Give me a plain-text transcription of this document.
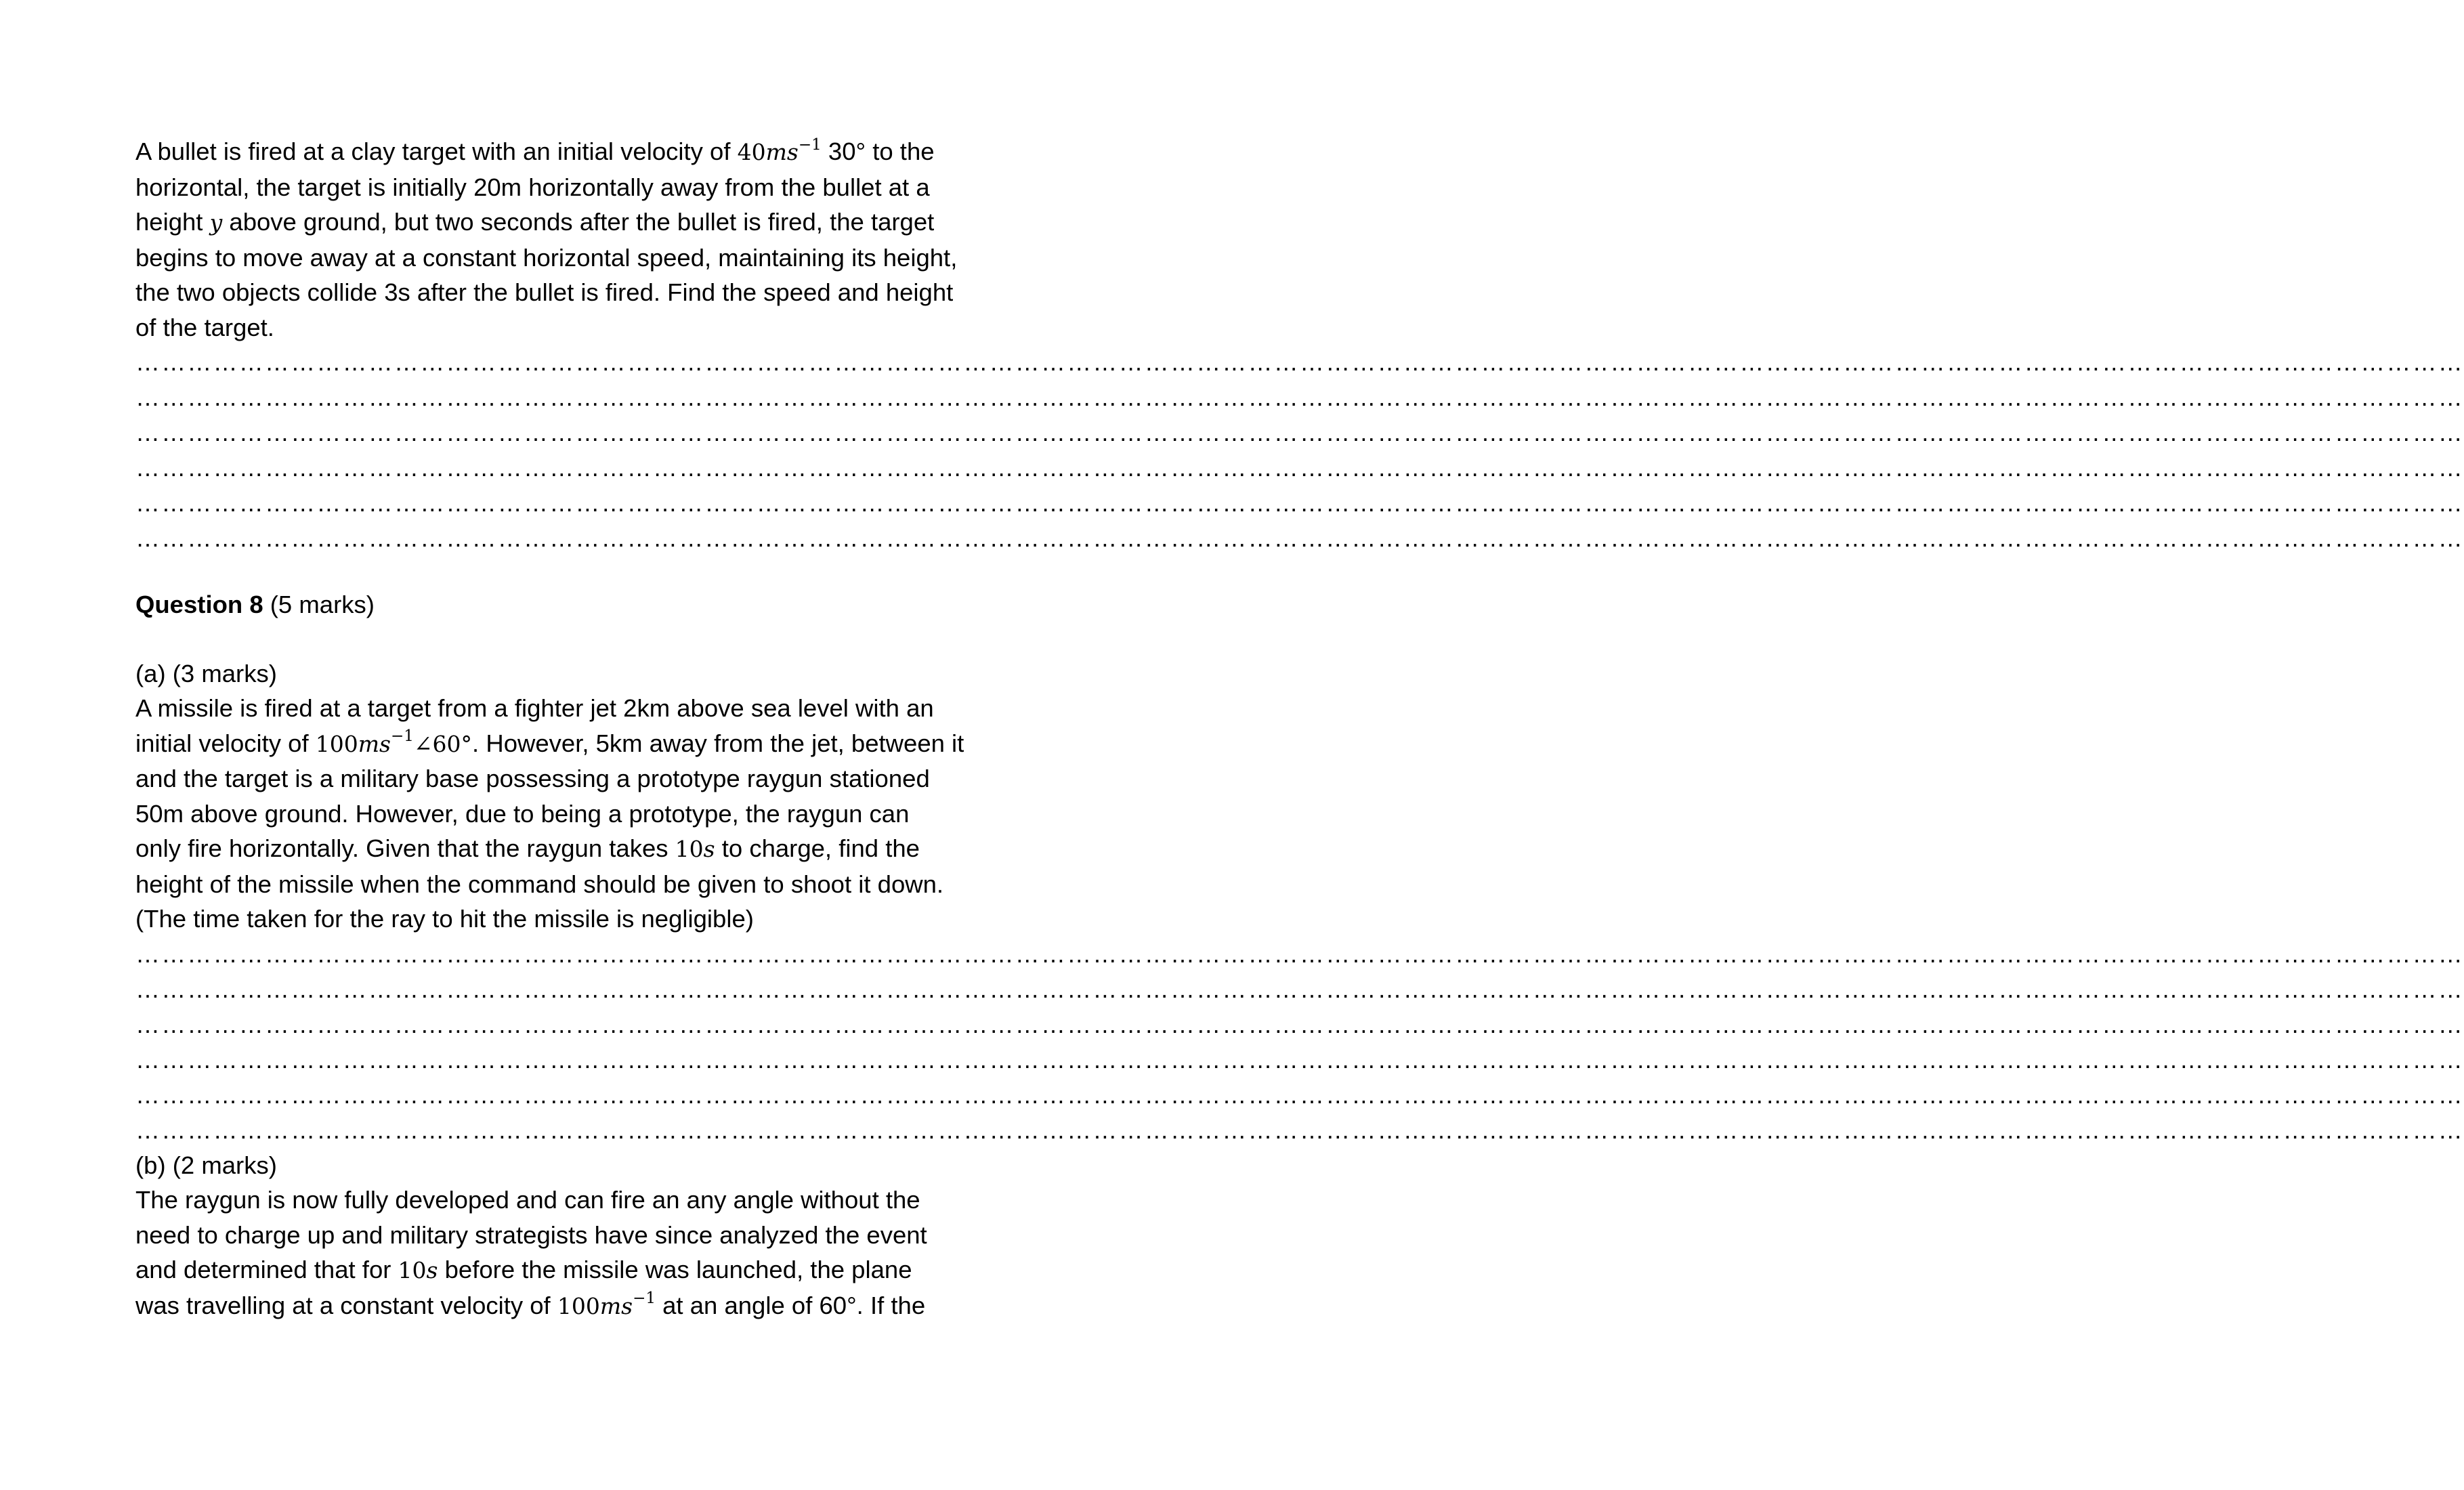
A bullet is fired at a clay target with an initial velocity of $40ms^{-1}$ 30° to the

horizontal, the target is initially 20m horizontally away from the bullet at a

height y above ground, but two seconds after the bullet is fired, the target

begins to move away at a constant horizontal speed, maintaining its height,

the two objects collide 3s after the bullet is fired. Find the speed and height

of the target.

………………………………………………………………………………………………………………………………………………………………………………………………………………………………………………
………………………………………………………………………………………………………………………………………………………………………………………………………………………………………………
………………………………………………………………………………………………………………………………………………………………………………………………………………………………………………
………………………………………………………………………………………………………………………………………………………………………………………………………………………………………………
………………………………………………………………………………………………………………………………………………………………………………………………………………………………………………
………………………………………………………………………………………………………………………………………………………………………………………………………………………………………………

Question 8 (5 marks)

(a) (3 marks)

A missile is fired at a target from a fighter jet 2km above sea level with an

initial velocity of $100ms^{-1}\angle 60^\circ$. However, 5km away from the jet, between it

and the target is a military base possessing a prototype raygun stationed

50m above ground. However, due to being a prototype, the raygun can

only fire horizontally. Given that the raygun takes 10s to charge, find the

height of the missile when the command should be given to shoot it down.

(The time taken for the ray to hit the missile is negligible)

………………………………………………………………………………………………………………………………………………………………………………………………………………………………………………
………………………………………………………………………………………………………………………………………………………………………………………………………………………………………………
………………………………………………………………………………………………………………………………………………………………………………………………………………………………………………
………………………………………………………………………………………………………………………………………………………………………………………………………………………………………………
………………………………………………………………………………………………………………………………………………………………………………………………………………………………………………
………………………………………………………………………………………………………………………………………………………………………………………………………………………………………………

(b) (2 marks)

The raygun is now fully developed and can fire an any angle without the

need to charge up and military strategists have since analyzed the event

and determined that for 10s before the missile was launched, the plane

was travelling at a constant velocity of $100ms^{-1}$ at an angle of 60°. If the
